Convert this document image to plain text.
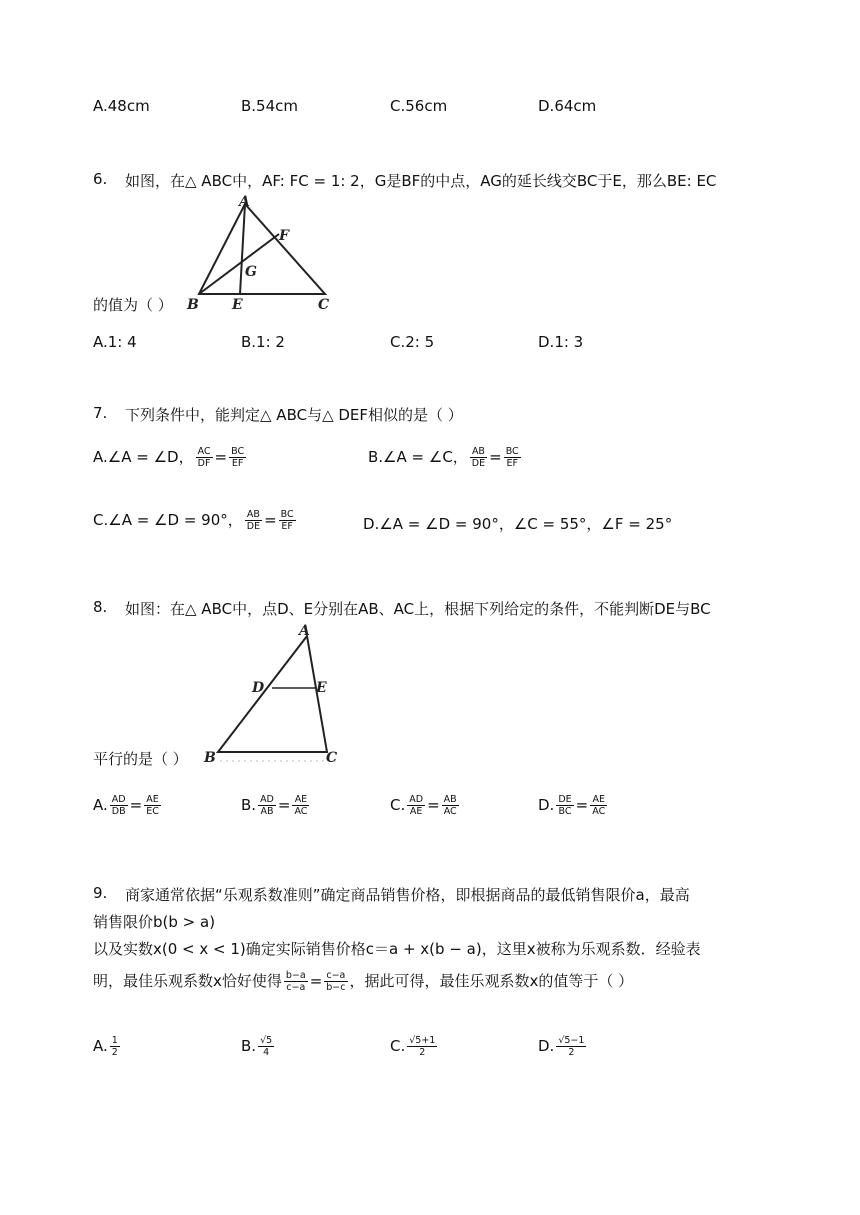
A.48cm	B.54cm	C.56cm	D.64cm
6. 如图，在△ ABC中，AF: FC = 1: 2，G是BF的中点，AG的延长线交BC于E，那么BE: EC
A
F
G
B E	C
的值为（ ）
A.1: 4	B.1: 2	C.2: 5	D.1: 3
7. 下列条件中，能判定△ ABC与△ DEF相似的是（ ）
A.∠A = ∠D， $\frac{AC}{DF} = \frac{BC}{EF}$	B.∠A = ∠C， $\frac{AB}{DE} = \frac{BC}{EF}$
C.∠A = ∠D = 90°， $\frac{AB}{DE} = \frac{BC}{EF}$	D.∠A = ∠D = 90°，∠C = 55°，∠F = 25°
8. 如图：在△ ABC中，点D、E分别在AB、AC上，根据下列给定的条件，不能判断DE与BC
A
D	E
B	C
平行的是（ ）
A. $\frac{AD}{DB} = \frac{AE}{EC}$	B. $\frac{AD}{AB} = \frac{AE}{AC}$	C. $\frac{AD}{AE} = \frac{AB}{AC}$	D. $\frac{DE}{BC} = \frac{AE}{AC}$
9. 商家通常依据“乐观系数准则”确定商品销售价格，即根据商品的最低销售限价a，最高
销售限价b(b > a)
以及实数x(0 < x < 1)确定实际销售价格c＝a + x(b − a)，这里x被称为乐观系数．经验表
明，最佳乐观系数x恰好使得 $\frac{b-a}{c-a} = \frac{c-a}{b-c}$ ，据此可得，最佳乐观系数x的值等于（ ）
A. $\frac{1}{2}$	B. $\frac{√5}{4}$	C. $\frac{√5+1}{2}$	D. $\frac{√5-1}{2}$
